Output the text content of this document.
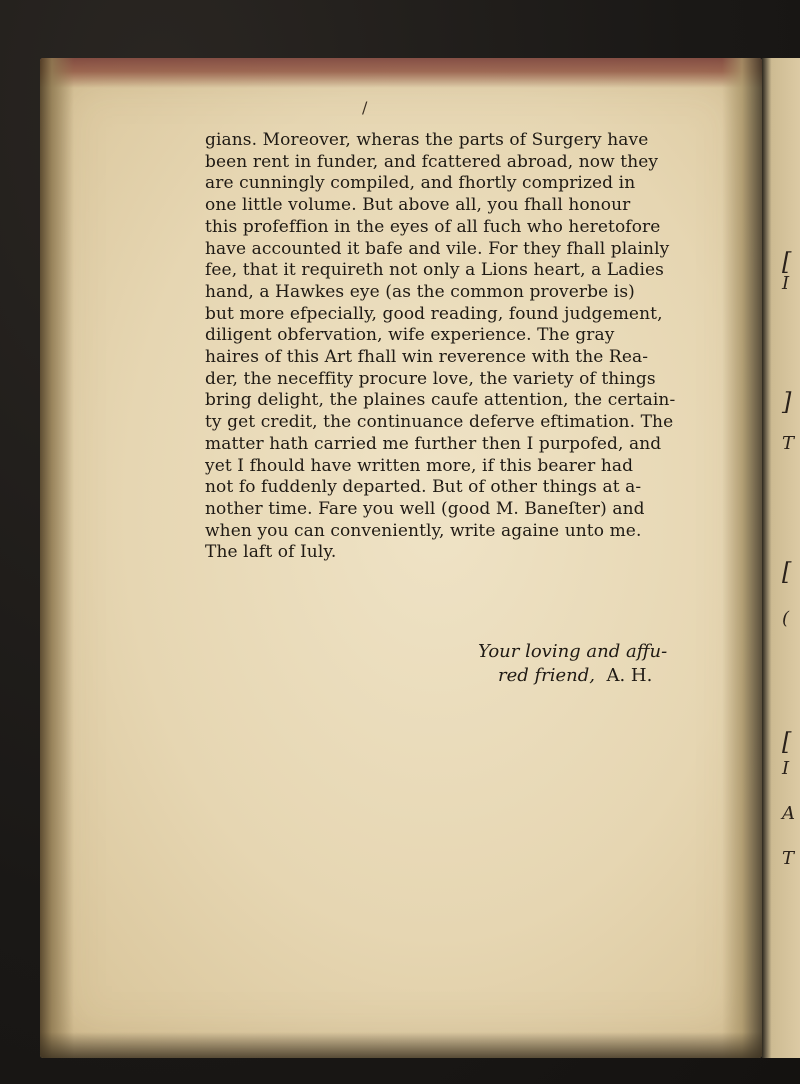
/
gians. Moreover, wheras the parts of Surgery have
been rent in funder, and fcattered abroad, now they
are cunningly compiled, and fhortly comprized in
one little volume. But above all, you fhall honour
this profeffion in the eyes of all fuch who heretofore
have accounted it bafe and vile. For they fhall plainly
fee, that it requireth not only a Lions heart, a Ladies
hand, a Hawkes eye (as the common proverbe is)
but more efpecially, good reading, found judgement,
diligent obfervation, wife experience. The gray
haires of this Art fhall win reverence with the Rea-
der, the neceffity procure love, the variety of things
bring delight, the plaines caufe attention, the certain-
ty get credit, the continuance deferve eftimation. The
matter hath carried me further then I purpofed, and
yet I fhould have written more, if this bearer had
not fo fuddenly departed. But of other things at a-
nother time. Fare you well (good M. Baneſter) and
when you can conveniently, write againe unto me.
The laft of Iuly.
Your loving and affu-
red friend, A. H.
[
I
]
T
[
(
[
I
A
T
